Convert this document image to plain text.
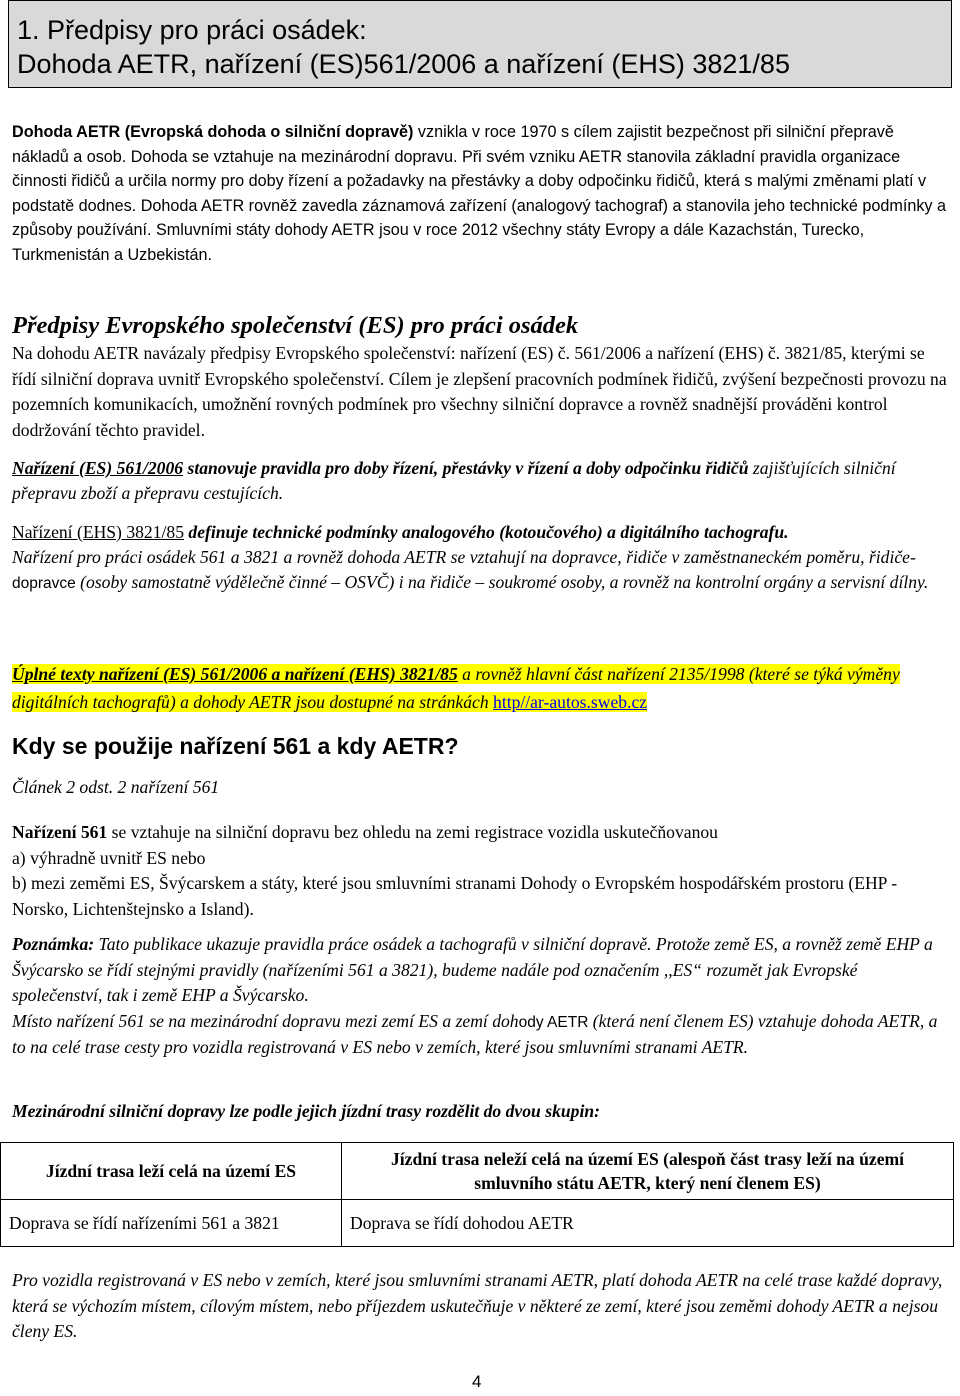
1. Předpisy pro práci osádek:
Dohoda AETR, nařízení (ES)561/2006 a nařízení (EHS) 3821/85
Dohoda AETR (Evropská dohoda o silniční dopravě) vznikla v roce 1970 s cílem zajistit bezpečnost při silniční přepravě nákladů a osob. Dohoda se vztahuje na mezinárodní dopravu. Při svém vzniku AETR stanovila základní pravidla organizace činnosti řidičů a určila normy pro doby řízení a požadavky na přestávky a doby odpočinku řidičů, která s malými změnami platí v podstatě dodnes. Dohoda AETR rovněž zavedla záznamová zařízení (analogový tachograf) a stanovila jeho technické podmínky a způsoby používání. Smluvními státy dohody AETR jsou v roce 2012 všechny státy Evropy a dále Kazachstán, Turecko, Turkmenistán a Uzbekistán.
Předpisy Evropského společenství (ES) pro práci osádek
Na dohodu AETR navázaly předpisy Evropského společenství: nařízení (ES) č. 561/2006 a nařízení (EHS) č. 3821/85, kterými se řídí silniční doprava uvnitř Evropského společenství. Cílem je zlepšení pracovních podmínek řidičů, zvýšení bezpečnosti provozu na pozemních komunikacích, umožnění rovných podmínek pro všechny silniční dopravce a rovněž snadnější prováděni kontrol dodržování těchto pravidel.
Nařízení (ES) 561/2006 stanovuje pravidla pro doby řízení, přestávky v řízení a doby odpočinku řidičů zajišťujících silniční přepravu zboží a přepravu cestujících.
Nařízení (EHS) 3821/85 definuje technické podmínky analogového (kotoučového) a digitálního tachografu.
Nařízení pro práci osádek 561 a 3821 a rovněž dohoda AETR se vztahují na dopravce, řidiče v zaměstnaneckém poměru, řidiče-dopravce (osoby samostatně výdělečně činné – OSVČ) i na řidiče – soukromé osoby, a rovněž na kontrolní orgány a servisní dílny.
Úplné texty nařízení (ES) 561/2006 a nařízení (EHS) 3821/85 a rovněž hlavní část nařízení 2135/1998 (které se týká výměny digitálních tachografů) a dohody AETR jsou dostupné na stránkách http//ar-autos.sweb.cz
Kdy se použije nařízení 561 a kdy AETR?
Článek 2 odst. 2 nařízení 561
Nařízení 561 se vztahuje na silniční dopravu bez ohledu na zemi registrace vozidla uskutečňovanou
a) výhradně uvnitř ES nebo
b) mezi zeměmi ES, Švýcarskem a státy, které jsou smluvními stranami Dohody o Evropském hospodářském prostoru (EHP - Norsko, Lichtenštejnsko a Island).
Poznámka: Tato publikace ukazuje pravidla práce osádek a tachografů v silniční dopravě. Protože země ES, a rovněž země EHP a Švýcarsko se řídí stejnými pravidly (nařízeními 561 a 3821), budeme nadále pod označením ,,ES“ rozumět jak Evropské společenství, tak i země EHP a Švýcarsko.
Místo nařízení 561 se na mezinárodní dopravu mezi zemí ES a zemí dohody AETR (která není členem ES) vztahuje dohoda AETR, a to na celé trase cesty pro vozidla registrovaná v ES nebo v zemích, které jsou smluvními stranami AETR.
Mezinárodní silniční dopravy lze podle jejich jízdní trasy rozdělit do dvou skupin:
Jízdní trasa leží celá na území ES	Jízdní trasa neleží celá na území ES (alespoň část trasy leží na území smluvního státu AETR, který není členem ES)
Doprava se řídí nařízeními 561 a 3821	Doprava se řídí dohodou AETR
Pro vozidla registrovaná v ES nebo v zemích, které jsou smluvními stranami AETR, platí dohoda AETR na celé trase každé dopravy, která se výchozím místem, cílovým místem, nebo příjezdem uskutečňuje v některé ze zemí, které jsou zeměmi dohody AETR a nejsou členy ES.
4
